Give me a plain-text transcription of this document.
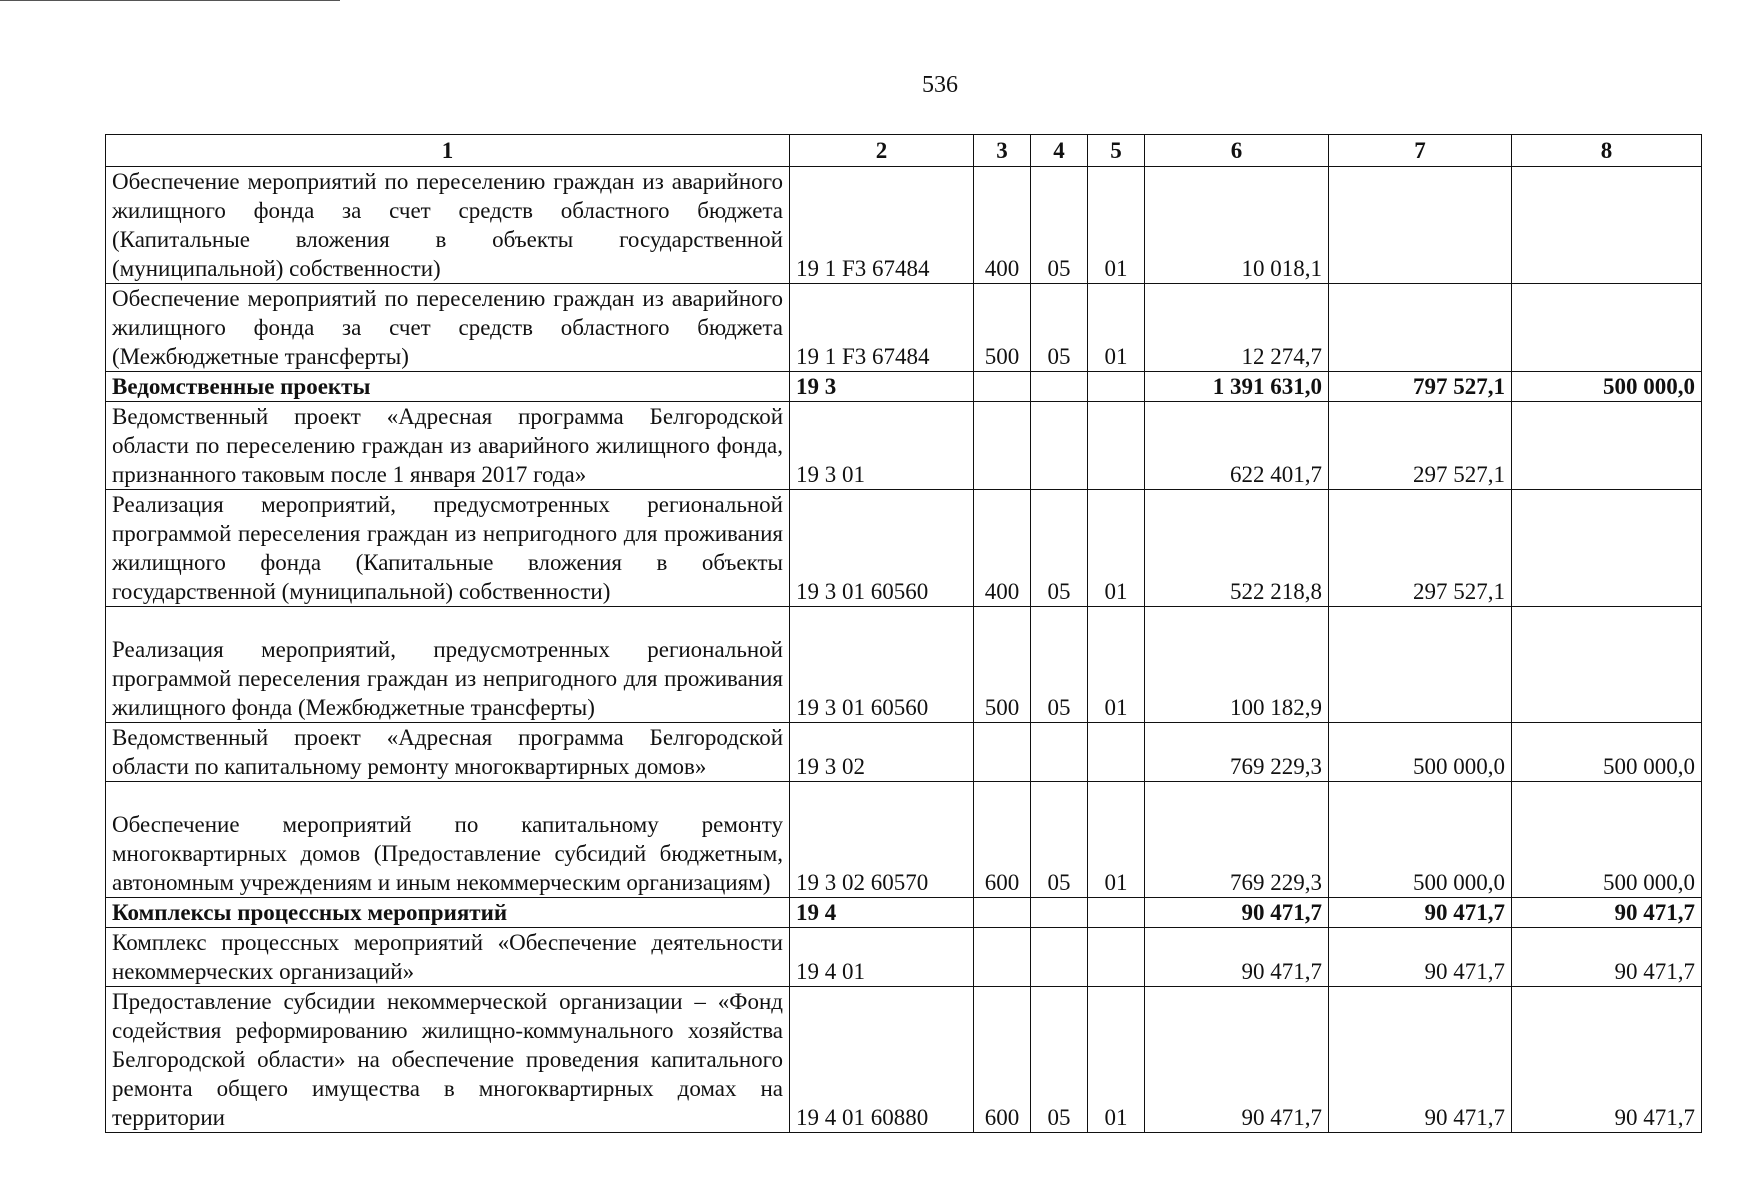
536
1	2	3	4	5	6	7	8
Обеспечение мероприятий по переселению граждан из аварийного жилищного фонда за счет средств областного бюджета (Капитальные вложения в объекты государственной (муниципальной) собственности)	19 1 F3 67484	400	05	01	10 018,1		
Обеспечение мероприятий по переселению граждан из аварийного жилищного фонда за счет средств областного бюджета (Межбюджетные трансферты)	19 1 F3 67484	500	05	01	12 274,7		
Ведомственные проекты	19 3				1 391 631,0	797 527,1	500 000,0
Ведомственный проект «Адресная программа Белгородской области по переселению граждан из аварийного жилищного фонда, признанного таковым после 1 января 2017 года»	19 3 01				622 401,7	297 527,1	
Реализация мероприятий, предусмотренных региональной программой переселения граждан из непригодного для проживания жилищного фонда (Капитальные вложения в объекты государственной (муниципальной) собственности)	19 3 01 60560	400	05	01	522 218,8	297 527,1	
Реализация мероприятий, предусмотренных региональной программой переселения граждан из непригодного для проживания жилищного фонда (Межбюджетные трансферты)	19 3 01 60560	500	05	01	100 182,9		
Ведомственный проект «Адресная программа Белгородской области по капитальному ремонту многоквартирных домов»	19 3 02				769 229,3	500 000,0	500 000,0
Обеспечение мероприятий по капитальному ремонту многоквартирных домов (Предоставление субсидий бюджетным, автономным учреждениям и иным некоммерческим организациям)	19 3 02 60570	600	05	01	769 229,3	500 000,0	500 000,0
Комплексы процессных мероприятий	19 4				90 471,7	90 471,7	90 471,7
Комплекс процессных мероприятий «Обеспечение деятельности некоммерческих организаций»	19 4 01				90 471,7	90 471,7	90 471,7
Предоставление субсидии некоммерческой организации – «Фонд содействия реформированию жилищно-коммунального хозяйства Белгородской области» на обеспечение проведения капитального ремонта общего имущества в многоквартирных домах на территории	19 4 01 60880	600	05	01	90 471,7	90 471,7	90 471,7
